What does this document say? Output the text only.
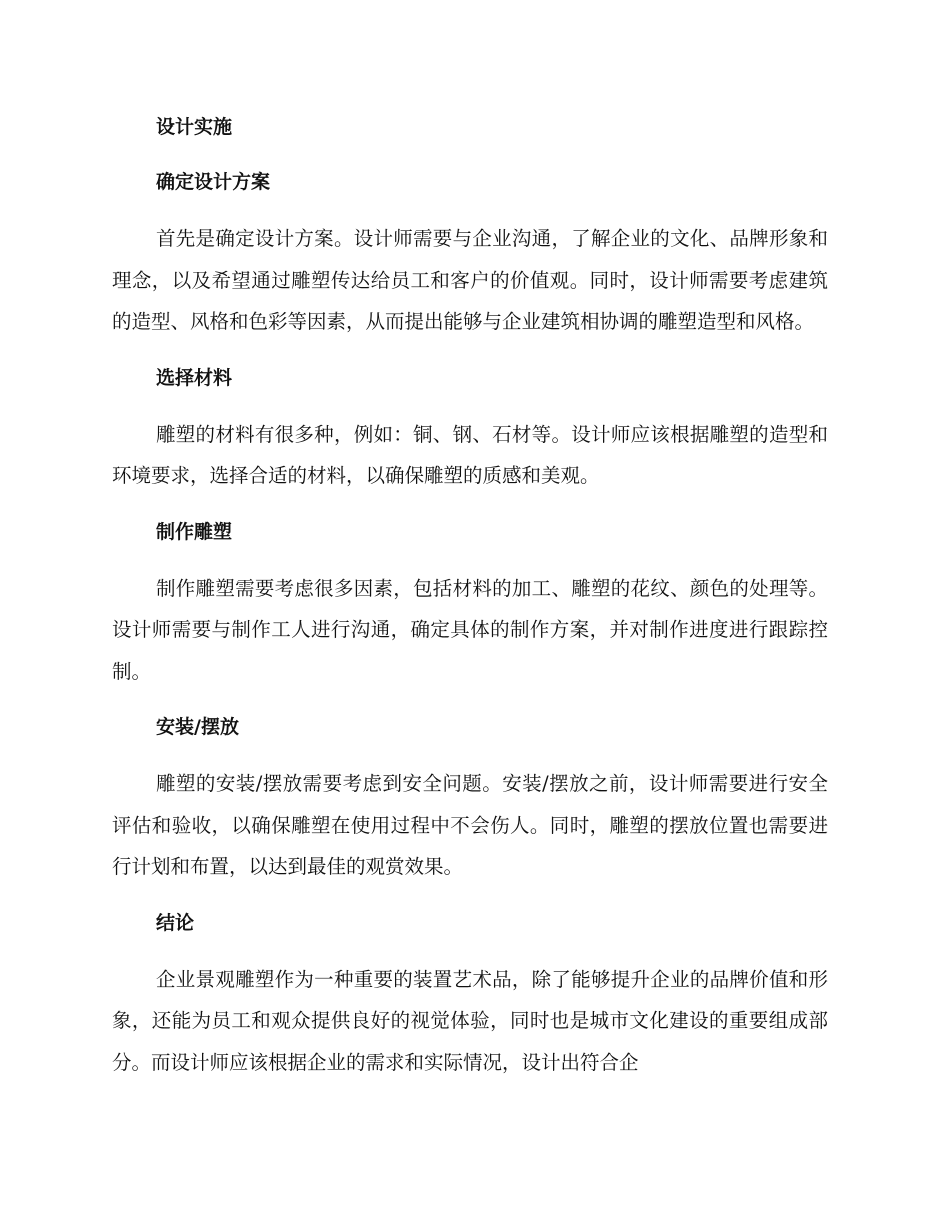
设计实施
确定设计方案

首先是确定设计方案。设计师需要与企业沟通，了解企业的文化、品牌形象和理念，以及希望通过雕塑传达给员工和客户的价值观。同时，设计师需要考虑建筑的造型、风格和色彩等因素，从而提出能够与企业建筑相协调的雕塑造型和风格。

选择材料

雕塑的材料有很多种，例如：铜、钢、石材等。设计师应该根据雕塑的造型和环境要求，选择合适的材料，以确保雕塑的质感和美观。

制作雕塑

制作雕塑需要考虑很多因素，包括材料的加工、雕塑的花纹、颜色的处理等。设计师需要与制作工人进行沟通，确定具体的制作方案，并对制作进度进行跟踪控制。

安装/摆放

雕塑的安装/摆放需要考虑到安全问题。安装/摆放之前，设计师需要进行安全评估和验收，以确保雕塑在使用过程中不会伤人。同时，雕塑的摆放位置也需要进行计划和布置，以达到最佳的观赏效果。

结论

企业景观雕塑作为一种重要的装置艺术品，除了能够提升企业的品牌价值和形象，还能为员工和观众提供良好的视觉体验，同时也是城市文化建设的重要组成部分。而设计师应该根据企业的需求和实际情况，设计出符合企
